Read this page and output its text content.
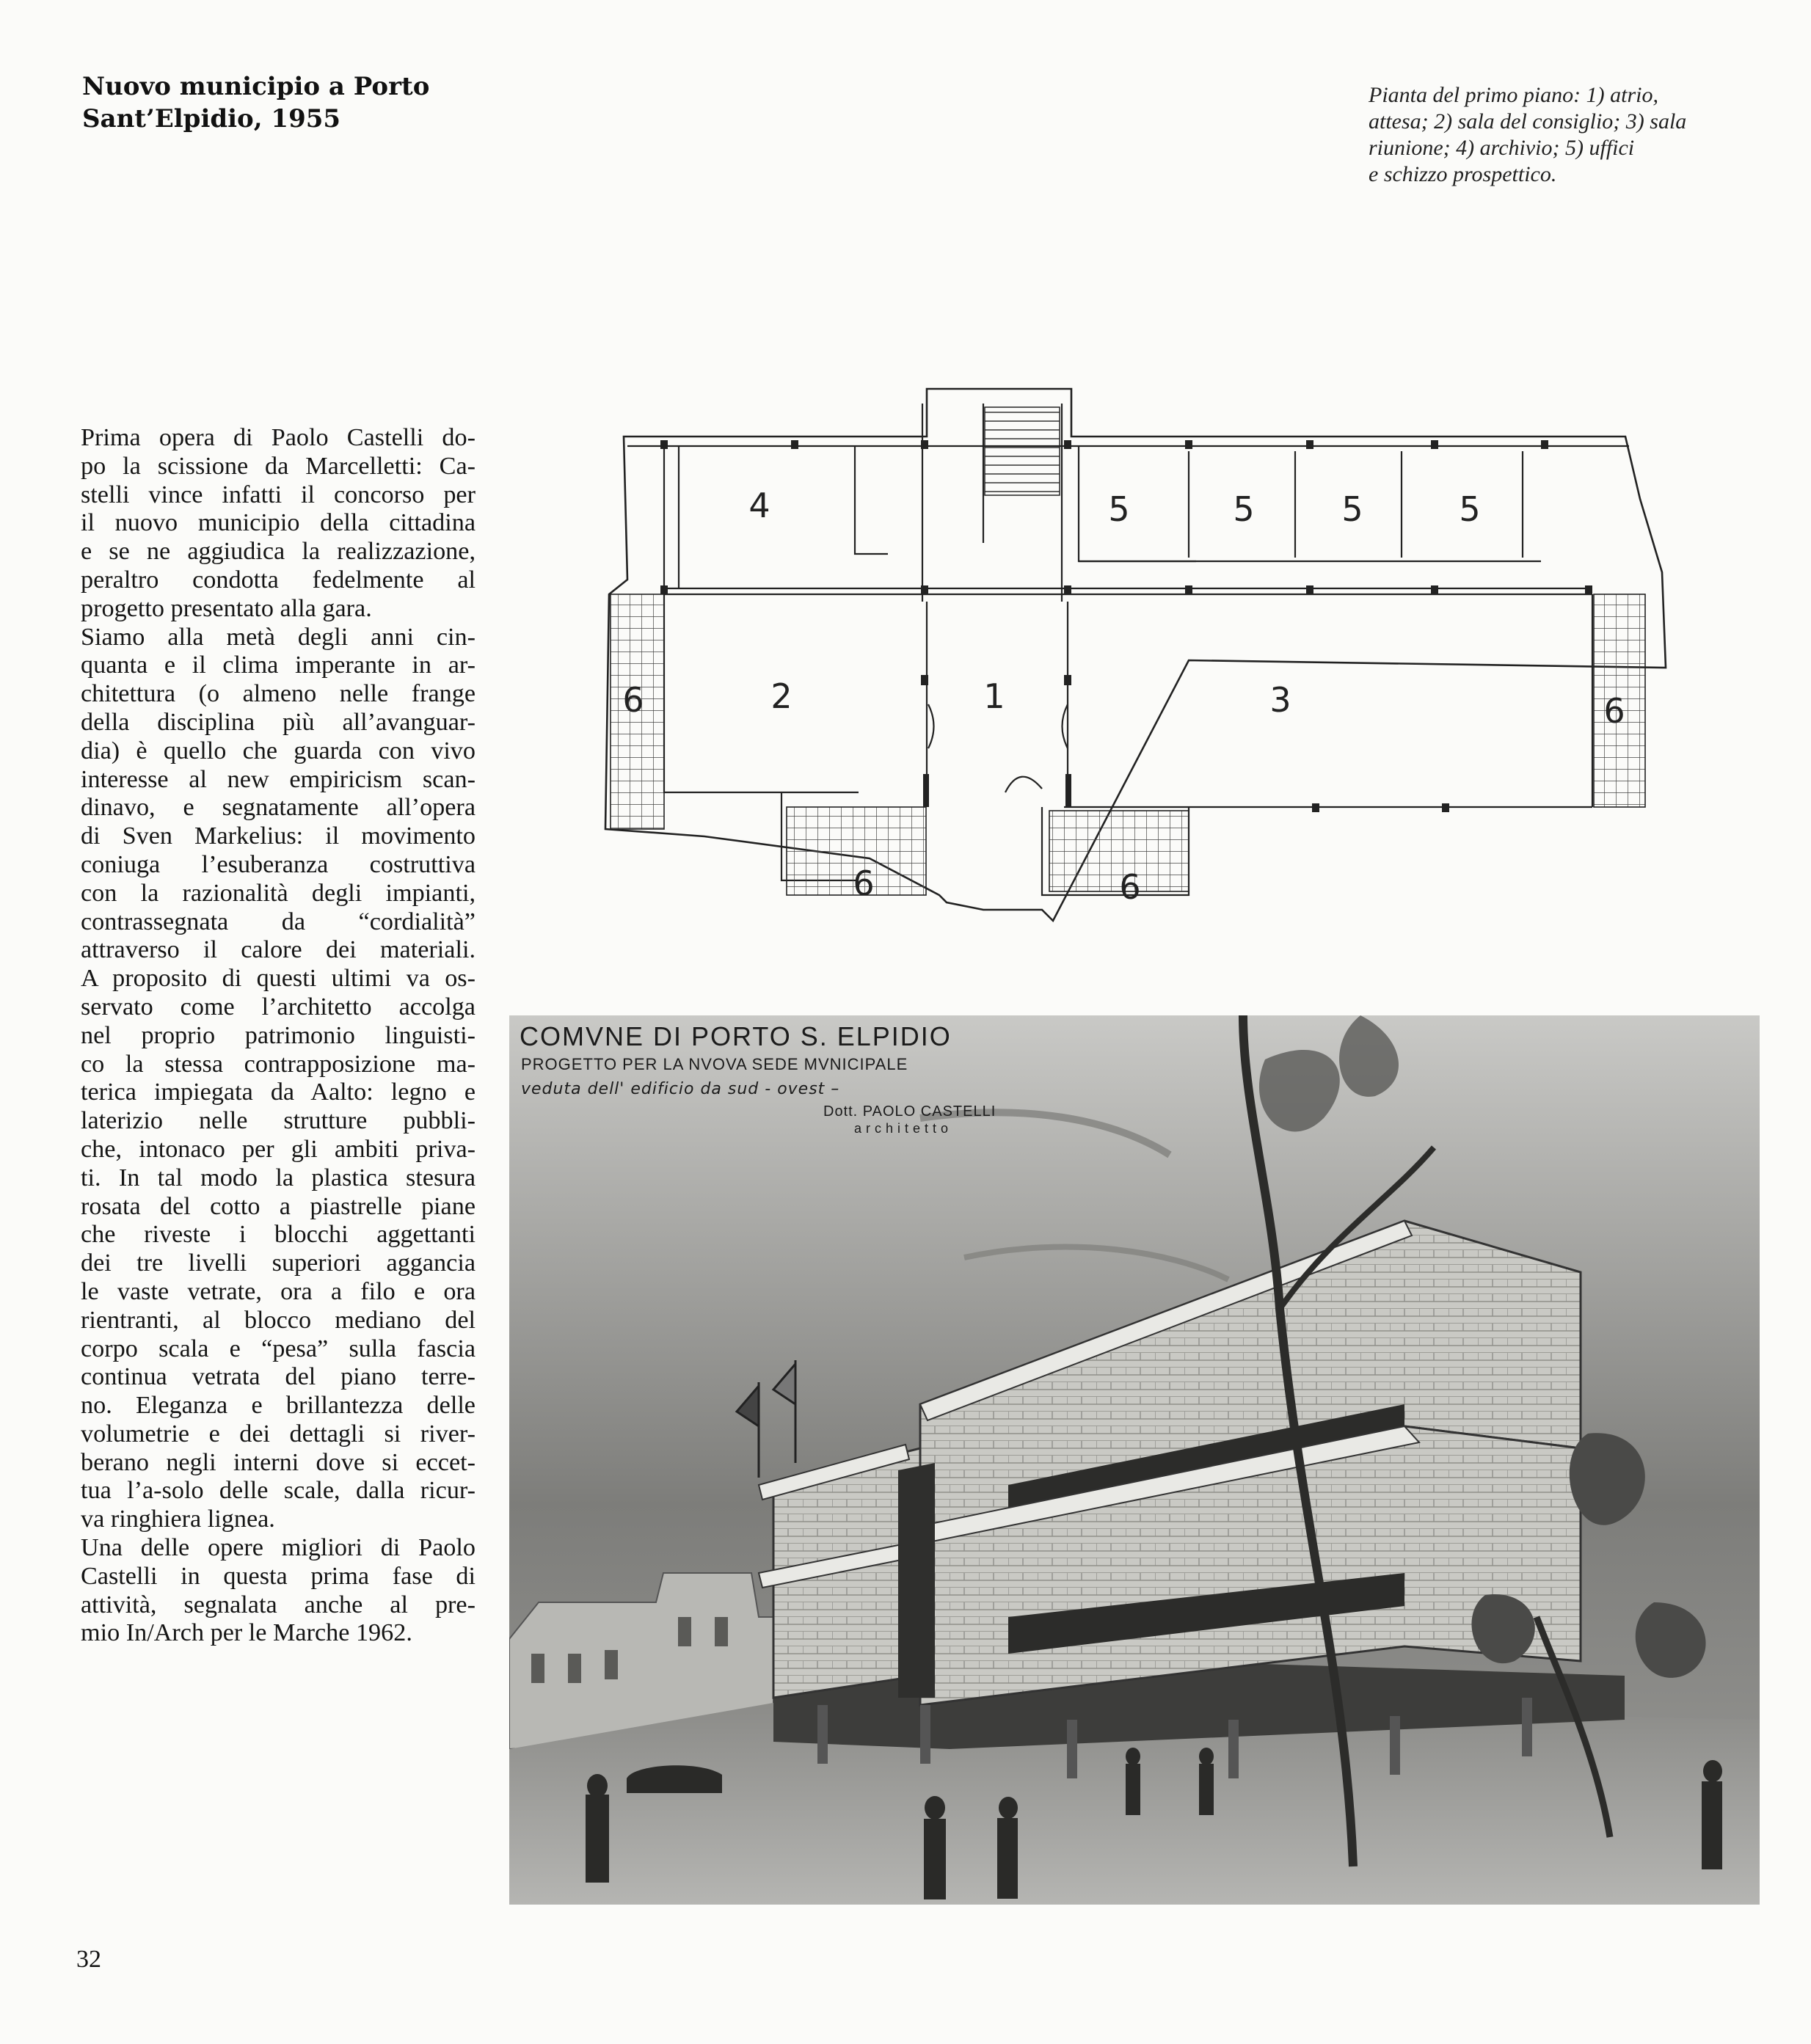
Nuovo municipio a Porto
Sant’Elpidio, 1955
Pianta del primo piano: 1) atrio,
attesa; 2) sala del consiglio; 3) sala
riunione; 4) archivio; 5) uffici
e schizzo prospettico.
Prima opera di Paolo Castelli do-
po la scissione da Marcelletti: Ca-
stelli vince infatti il concorso per
il nuovo municipio della cittadina
e se ne aggiudica la realizzazione,
peraltro condotta fedelmente al
progetto presentato alla gara.
Siamo alla metà degli anni cin-
quanta e il clima imperante in ar-
chitettura (o almeno nelle frange
della disciplina più all’avanguar-
dia) è quello che guarda con vivo
interesse al new empiricism scan-
dinavo, e segnatamente all’opera
di Sven Markelius: il movimento
coniuga l’esuberanza costruttiva
con la razionalità degli impianti,
contrassegnata da “cordialità”
attraverso il calore dei materiali.
A proposito di questi ultimi va os-
servato come l’architetto accolga
nel proprio patrimonio linguisti-
co la stessa contrapposizione ma-
terica impiegata da Aalto: legno e
laterizio nelle strutture pubbli-
che, intonaco per gli ambiti priva-
ti. In tal modo la plastica stesura
rosata del cotto a piastrelle piane
che riveste i blocchi aggettanti
dei tre livelli superiori aggancia
le vaste vetrate, ora a filo e ora
rientranti, al blocco mediano del
corpo scala e “pesa” sulla fascia
continua vetrata del piano terre-
no. Eleganza e brillantezza delle
volumetrie e dei dettagli si river-
berano negli interni dove si eccet-
tua l’a-solo delle scale, dalla ricur-
va ringhiera lignea.
Una delle opere migliori di Paolo
Castelli in questa prima fase di
attività, segnalata anche al pre-
mio In/Arch per le Marche 1962.
4	5	5	5	5
2	1	3
6	6
6	6
COMVNE DI PORTO S. ELPIDIO
PROGETTO PER LA NVOVA SEDE MVNICIPALE
veduta dell' edificio da sud - ovest –
Dott. PAOLO CASTELLI
architetto
32
